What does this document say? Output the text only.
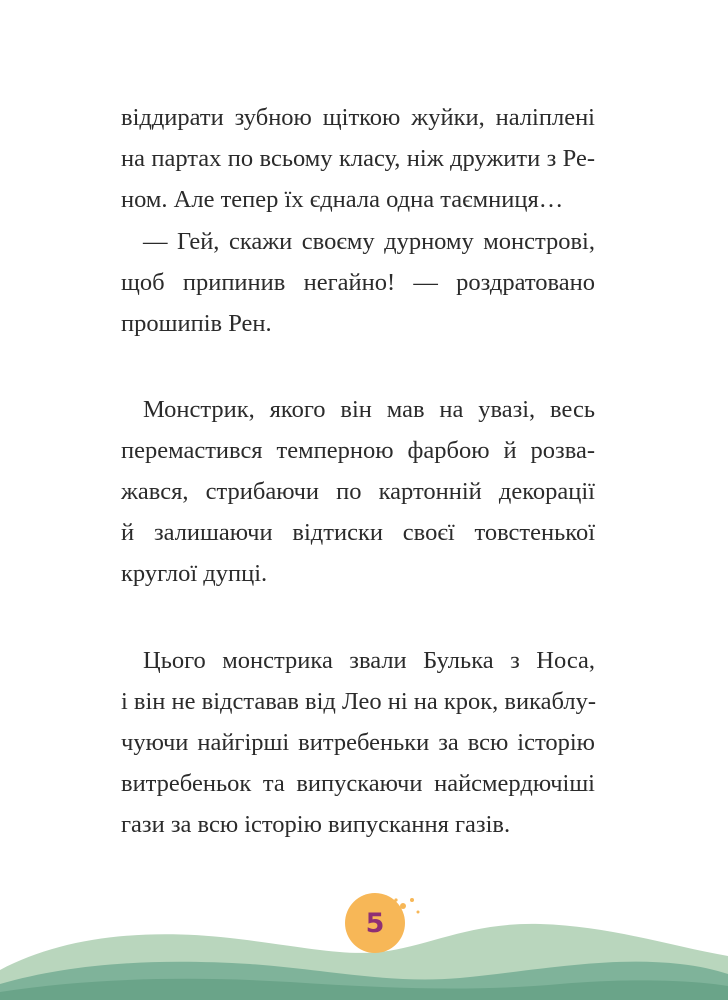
віддирати зубною щіткою жуйки, наліплені
на партах по всьому класу, ніж дружити з Ре-
ном. Але тепер їх єднала одна таємниця…
— Гей, скажи своєму дурному монстрові,
щоб припинив негайно! — роздратовано
прошипів Рен.
Монстрик, якого він мав на увазі, весь
перемастився темперною фарбою й розва-
жався, стрибаючи по картонній декорації
й залишаючи відтиски своєї товстенької
круглої дупці.
Цього монстрика звали Булька з Носа,
і він не відставав від Лео ні на крок, викаблу-
чуючи найгірші витребеньки за всю історію
витребеньок та випускаючи найсмердючіші
гази за всю історію випускання газів.
5
